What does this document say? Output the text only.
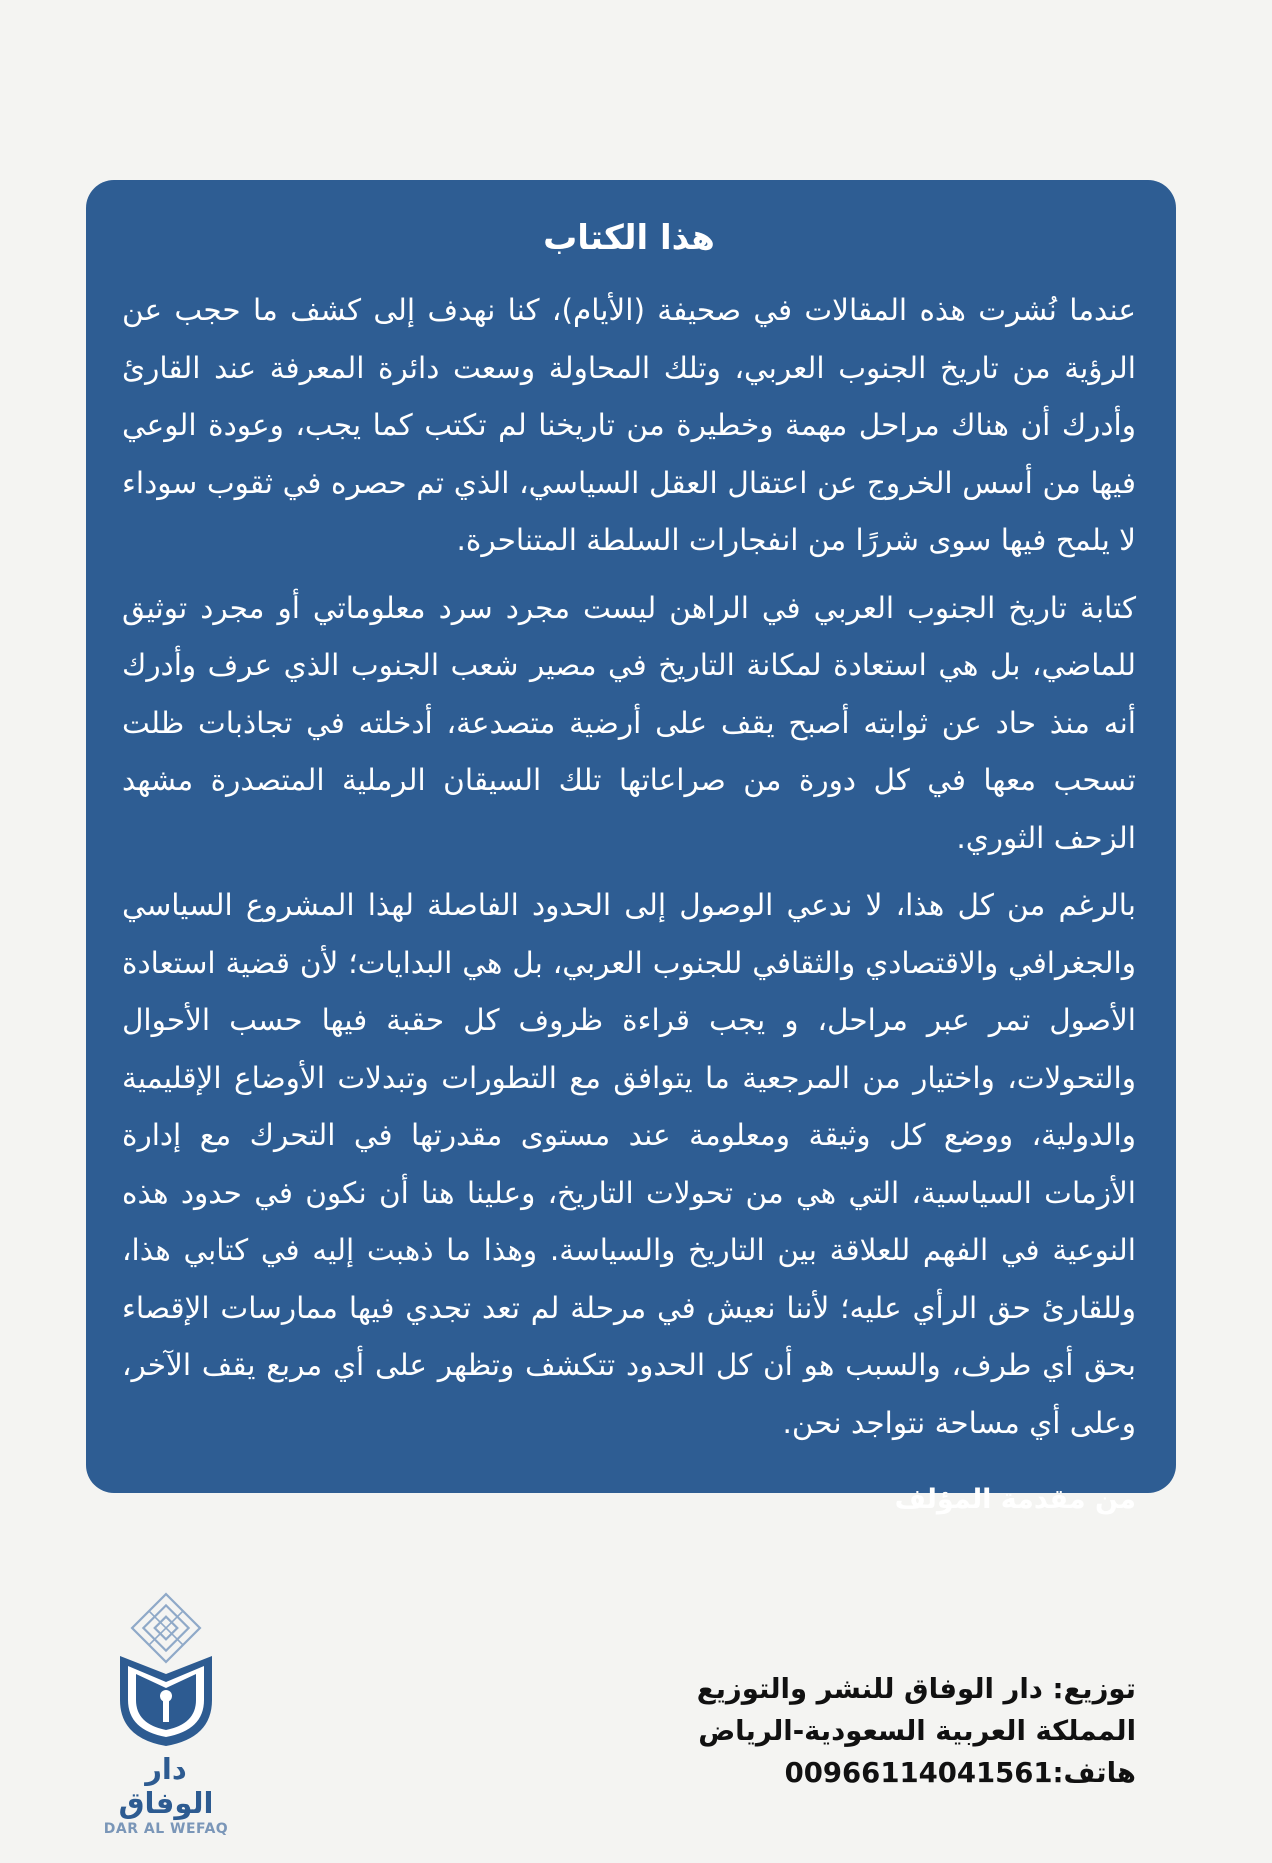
هذا الكتاب

عندما نُشرت هذه المقالات في صحيفة (الأيام)، كنا نهدف إلى كشف ما حجب عن الرؤية من تاريخ الجنوب العربي، وتلك المحاولة وسعت دائرة المعرفة عند القارئ وأدرك أن هناك مراحل مهمة وخطيرة من تاريخنا لم تكتب كما يجب، وعودة الوعي فيها من أسس الخروج عن اعتقال العقل السياسي، الذي تم حصره في ثقوب سوداء لا يلمح فيها سوى شررًا من انفجارات السلطة المتناحرة.

كتابة تاريخ الجنوب العربي في الراهن ليست مجرد سرد معلوماتي أو مجرد توثيق للماضي، بل هي استعادة لمكانة التاريخ في مصير شعب الجنوب الذي عرف وأدرك أنه منذ حاد عن ثوابته أصبح يقف على أرضية متصدعة، أدخلته في تجاذبات ظلت تسحب معها في كل دورة من صراعاتها تلك السيقان الرملية المتصدرة مشهد الزحف الثوري.

بالرغم من كل هذا، لا ندعي الوصول إلى الحدود الفاصلة لهذا المشروع السياسي والجغرافي والاقتصادي والثقافي للجنوب العربي، بل هي البدايات؛ لأن قضية استعادة الأصول تمر عبر مراحل، و يجب قراءة ظروف كل حقبة فيها حسب الأحوال والتحولات، واختيار من المرجعية ما يتوافق مع التطورات وتبدلات الأوضاع الإقليمية والدولية، ووضع كل وثيقة ومعلومة عند مستوى مقدرتها في التحرك مع إدارة الأزمات السياسية، التي هي من تحولات التاريخ، وعلينا هنا أن نكون في حدود هذه النوعية في الفهم للعلاقة بين التاريخ والسياسة. وهذا ما ذهبت إليه في كتابي هذا، وللقارئ حق الرأي عليه؛ لأننا نعيش في مرحلة لم تعد تجدي فيها ممارسات الإقصاء بحق أي طرف، والسبب هو أن كل الحدود تتكشف وتظهر على أي مربع يقف الآخر، وعلى أي مساحة نتواجد نحن.

من مقدمة المؤلف
دار الوفاق
DAR AL WEFAQ
توزيع: دار الوفاق للنشر والتوزيع
المملكة العربية السعودية-الرياض
هاتف:00966114041561
